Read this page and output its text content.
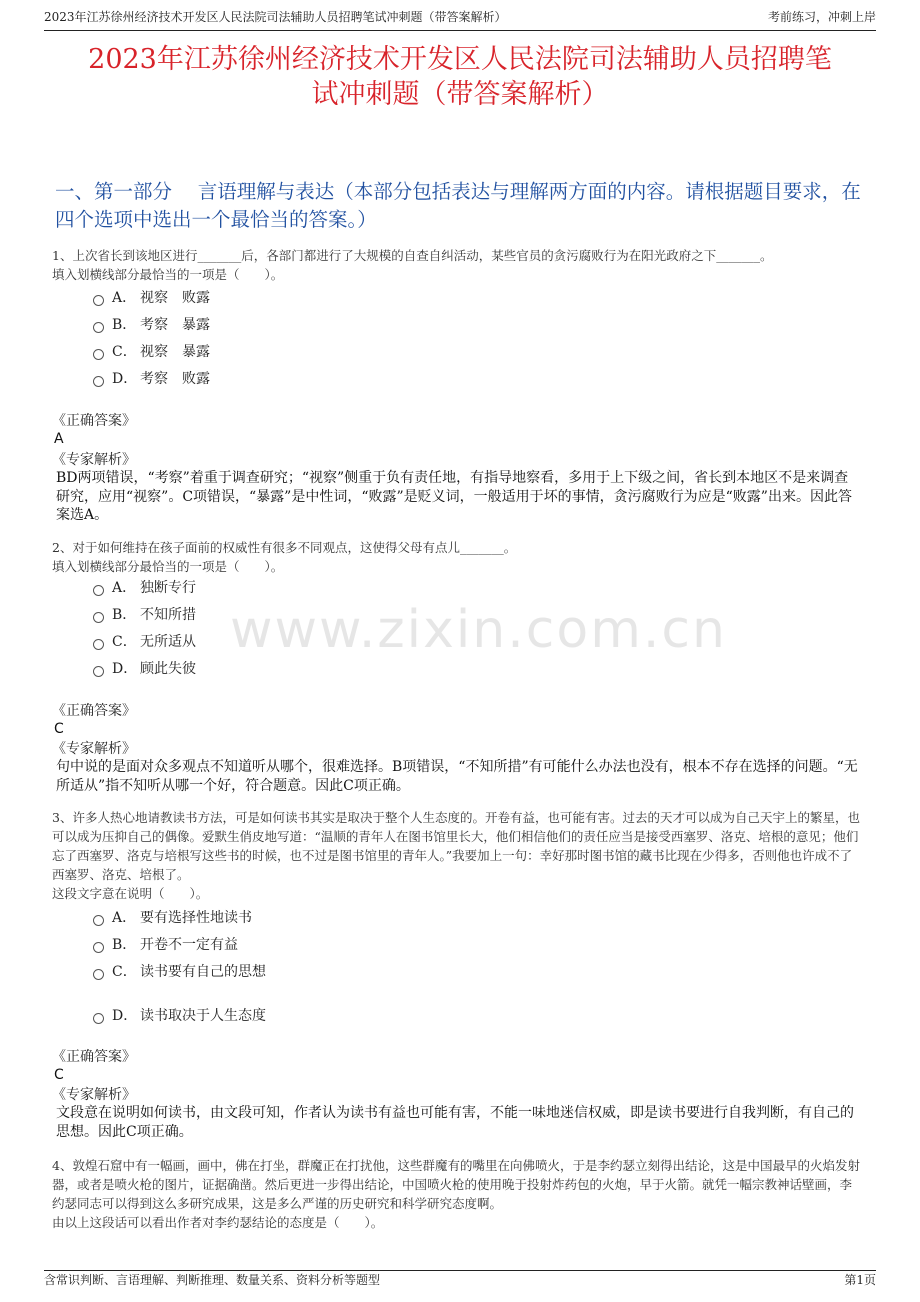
2023年江苏徐州经济技术开发区人民法院司法辅助人员招聘笔试冲刺题（带答案解析）	考前练习，冲刺上岸
2023年江苏徐州经济技术开发区人民法院司法辅助人员招聘笔
试冲刺题（带答案解析）
一、第一部分　 言语理解与表达（本部分包括表达与理解两方面的内容。请根据题目要求，在四个选项中选出一个最恰当的答案。）
www.zixin.com.cn
1、上次省长到该地区进行_______后，各部门都进行了大规模的自查自纠活动，某些官员的贪污腐败行为在阳光政府之下_______。
填入划横线部分最恰当的一项是（　　）。
A． 视察　败露
B． 考察　暴露
C． 视察　暴露
D． 考察　败露
《正确答案》
A
《专家解析》
BD两项错误，“考察”着重于调查研究；“视察”侧重于负有责任地，有指导地察看，多用于上下级之间，省长到本地区不是来调查研究，应用“视察”。C项错误，“暴露”是中性词，“败露”是贬义词，一般适用于坏的事情，贪污腐败行为应是“败露”出来。因此答案选A。
2、对于如何维持在孩子面前的权威性有很多不同观点，这使得父母有点儿_______。
填入划横线部分最恰当的一项是（　　）。
A． 独断专行
B． 不知所措
C． 无所适从
D． 顾此失彼
《正确答案》
C
《专家解析》
句中说的是面对众多观点不知道听从哪个，很难选择。B项错误，“不知所措”有可能什么办法也没有，根本不存在选择的问题。“无所适从”指不知听从哪一个好，符合题意。因此C项正确。
3、许多人热心地请教读书方法，可是如何读书其实是取决于整个人生态度的。开卷有益，也可能有害。过去的天才可以成为自己天宇上的繁星，也可以成为压抑自己的偶像。爱默生俏皮地写道：“温顺的青年人在图书馆里长大，他们相信他们的责任应当是接受西塞罗、洛克、培根的意见；他们忘了西塞罗、洛克与培根写这些书的时候，也不过是图书馆里的青年人。”我要加上一句：幸好那时图书馆的藏书比现在少得多，否则他也许成不了西塞罗、洛克、培根了。
这段文字意在说明（　　）。
A． 要有选择性地读书
B． 开卷不一定有益
C． 读书要有自己的思想
D． 读书取决于人生态度
《正确答案》
C
《专家解析》
文段意在说明如何读书，由文段可知，作者认为读书有益也可能有害，不能一味地迷信权威，即是读书要进行自我判断，有自己的思想。因此C项正确。
4、敦煌石窟中有一幅画，画中，佛在打坐，群魔正在打扰他，这些群魔有的嘴里在向佛喷火，于是李约瑟立刻得出结论，这是中国最早的火焰发射器，或者是喷火枪的图片，证据确凿。然后更进一步得出结论，中国喷火枪的使用晚于投射炸药包的火炮，早于火箭。就凭一幅宗教神话壁画，李约瑟同志可以得到这么多研究成果，这是多么严谨的历史研究和科学研究态度啊。
由以上这段话可以看出作者对李约瑟结论的态度是（　　）。
含常识判断、言语理解、判断推理、数量关系、资料分析等题型	第1页
